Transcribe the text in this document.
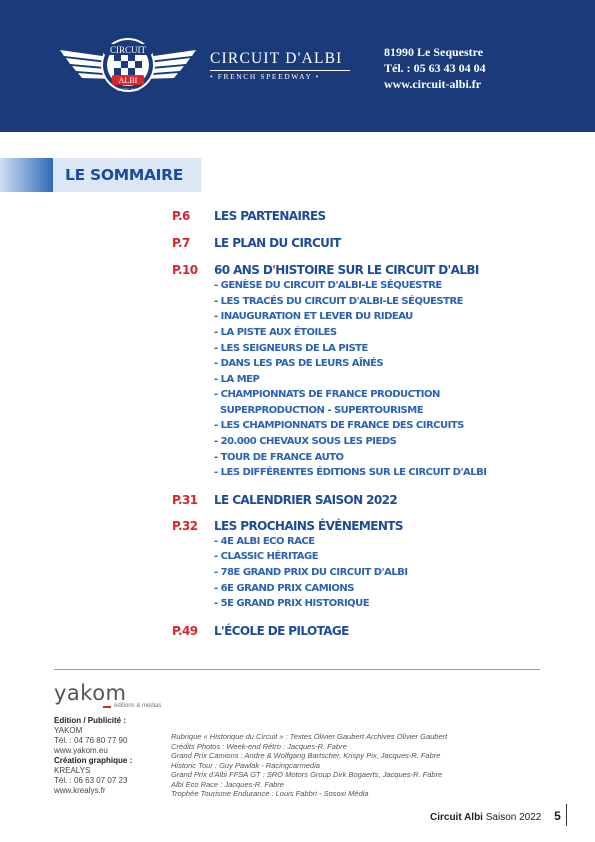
CIRCUIT
ALBI
SINCE 1962
CIRCUIT D'ALBI
• FRENCH SPEEDWAY •
81990 Le Sequestre
Tél. : 05 63 43 04 04
www.circuit-albi.fr
LE SOMMAIRE
P.6 LES PARTENAIRES
P.7 LE PLAN DU CIRCUIT
P.10 60 ANS D'HISTOIRE SUR LE CIRCUIT D'ALBI
- GENÈSE DU CIRCUIT D'ALBI-LE SÉQUESTRE
- LES TRACÉS DU CIRCUIT D'ALBI-LE SÉQUESTRE
- INAUGURATION ET LEVER DU RIDEAU
- LA PISTE AUX ÉTOILES
- LES SEIGNEURS DE LA PISTE
- DANS LES PAS DE LEURS AÎNÉS
- LA MEP
- CHAMPIONNATS DE FRANCE PRODUCTION
SUPERPRODUCTION - SUPERTOURISME
- LES CHAMPIONNATS DE FRANCE DES CIRCUITS
- 20.000 CHEVAUX SOUS LES PIEDS
- TOUR DE FRANCE AUTO
- LES DIFFÉRENTES ÉDITIONS SUR LE CIRCUIT D'ALBI
P.31 LE CALENDRIER SAISON 2022
P.32 LES PROCHAINS ÉVÉNEMENTS
- 4E ALBI ECO RACE
- CLASSIC HÉRITAGE
- 78E GRAND PRIX DU CIRCUIT D'ALBI
- 6E GRAND PRIX CAMIONS
- 5E GRAND PRIX HISTORIQUE
P.49 L'ÉCOLE DE PILOTAGE
yakom
éditions & médias
Edition / Publicité :
YAKOM
Tél. : 04 76 80 77 90
www.yakom.eu
Création graphique :
KREALYS
Tél. : 06 63 07 07 23
www.krealys.fr
Rubrique « Historique du Circuit » : Textes Olivier Gaubert Archives Olivier Gaubert
Crédits Photos : Week-end Rétro : Jacques-R. Fabre
Grand Prix Camions : Andre & Wolfgang Bartscher, Krispy Pix, Jacques-R. Fabre
Historic Tour : Guy Pawlak - Racingcarmedia
Grand Prix d'Albi FFSA GT : SRO Motors Group Dirk Bogaerts, Jacques-R. Fabre
Albi Eco Race : Jacques-R. Fabre
Trophée Tourisme Endurance : Louis Fabbri - Sosoxi Média
Circuit Albi Saison 2022 5
